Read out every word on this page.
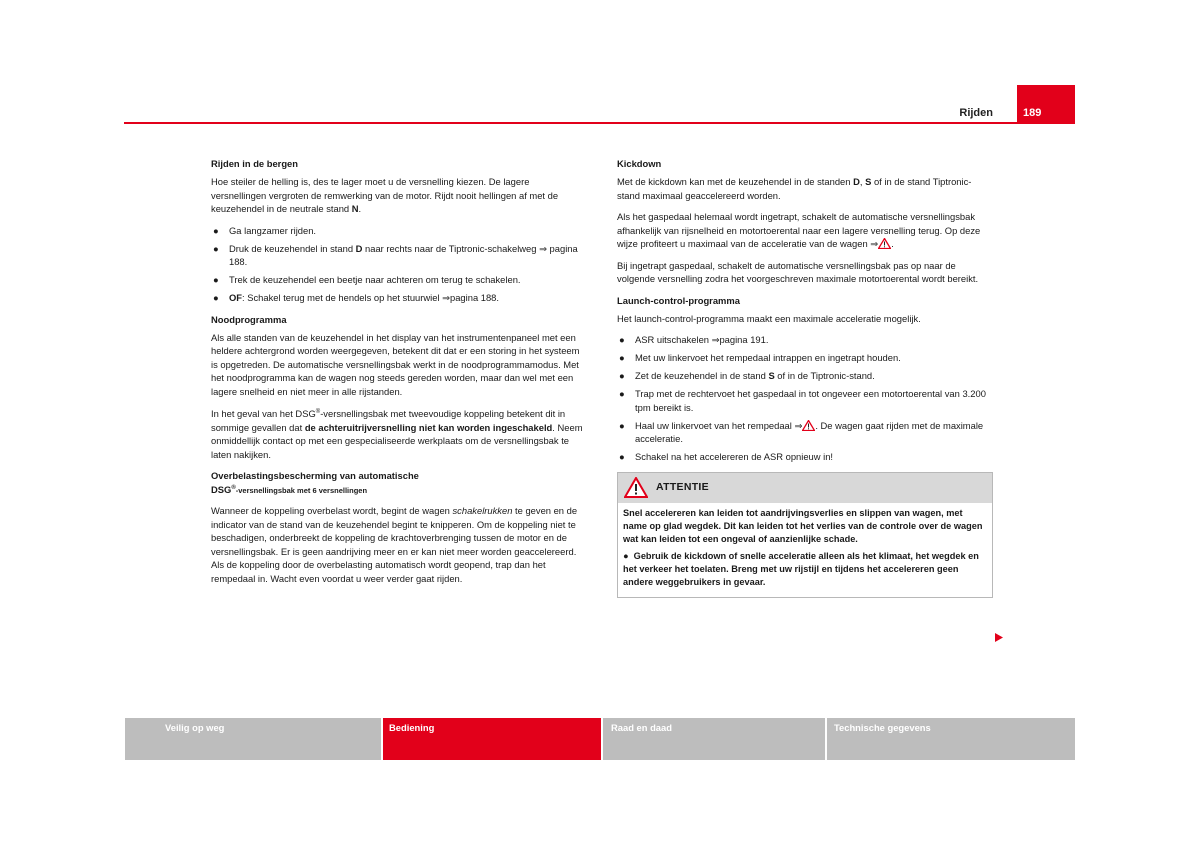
Rijden	189
Rijden in de bergen

Hoe steiler de helling is, des te lager moet u de versnelling kiezen. De lagere versnellingen vergroten de remwerking van de motor. Rijdt nooit hellingen af met de keuzehendel in de neutrale stand N.

● Ga langzamer rijden.
● Druk de keuzehendel in stand D naar rechts naar de Tiptronic-schakelweg ⇒ pagina 188.
● Trek de keuzehendel een beetje naar achteren om terug te schakelen.
● OF: Schakel terug met de hendels op het stuurwiel ⇒pagina 188.
Noodprogramma

Als alle standen van de keuzehendel in het display van het instrumentenpaneel met een heldere achtergrond worden weergegeven, betekent dit dat er een storing in het systeem is opgetreden. De automatische versnellingsbak werkt in de noodprogrammamodus. Met het noodprogramma kan de wagen nog steeds gereden worden, maar dan wel met een lagere snelheid en niet meer in alle rijstanden.

In het geval van het DSG®-versnellingsbak met tweevoudige koppeling betekent dit in sommige gevallen dat de achteruitrijversnelling niet kan worden ingeschakeld. Neem onmiddellijk contact op met een gespecialiseerde werkplaats om de versnellingsbak te laten nakijken.

Overbelastingsbescherming van automatische
DSG®-versnellingsbak met 6 versnellingen

Wanneer de koppeling overbelast wordt, begint de wagen schakelrukken te geven en de indicator van de stand van de keuzehendel begint te knipperen. Om de koppeling niet te beschadigen, onderbreekt de koppeling de krachtoverbrenging tussen de motor en de versnellingsbak. Er is geen aandrijving meer en er kan niet meer worden geaccelereerd. Als de koppeling door de overbelasting automatisch wordt geopend, trap dan het rempedaal in. Wacht even voordat u weer verder gaat rijden.

Kickdown

Met de kickdown kan met de keuzehendel in de standen D, S of in de stand Tiptronic-stand maximaal geaccelereerd worden.

Als het gaspedaal helemaal wordt ingetrapt, schakelt de automatische versnellingsbak afhankelijk van rijsnelheid en motortoerental naar een lagere versnelling terug. Op deze wijze profiteert u maximaal van de acceleratie van de wagen ⇒ .

Bij ingetrapt gaspedaal, schakelt de automatische versnellingsbak pas op naar de volgende versnelling zodra het voorgeschreven maximale motortoerental wordt bereikt.

Launch-control-programma

Het launch-control-programma maakt een maximale acceleratie mogelijk.

● ASR uitschakelen ⇒pagina 191.
● Met uw linkervoet het rempedaal intrappen en ingetrapt houden.
● Zet de keuzehendel in de stand S of in de Tiptronic-stand.
● Trap met de rechtervoet het gaspedaal in tot ongeveer een motortoerental van 3.200 tpm bereikt is.
● Haal uw linkervoet van het rempedaal ⇒ . De wagen gaat rijden met de maximale acceleratie.
● Schakel na het accelereren de ASR opnieuw in!
ATTENTIE

Snel accelereren kan leiden tot aandrijvingsverlies en slippen van wagen, met name op glad wegdek. Dit kan leiden tot het verlies van de controle over de wagen wat kan leiden tot een ongeval of aanzienlijke schade.

● Gebruik de kickdown of snelle acceleratie alleen als het klimaat, het wegdek en het verkeer het toelaten. Breng met uw rijstijl en tijdens het accelereren geen andere weggebruikers in gevaar.

Veilig op weg	Bediening	Raad en daad	Technische gegevens
